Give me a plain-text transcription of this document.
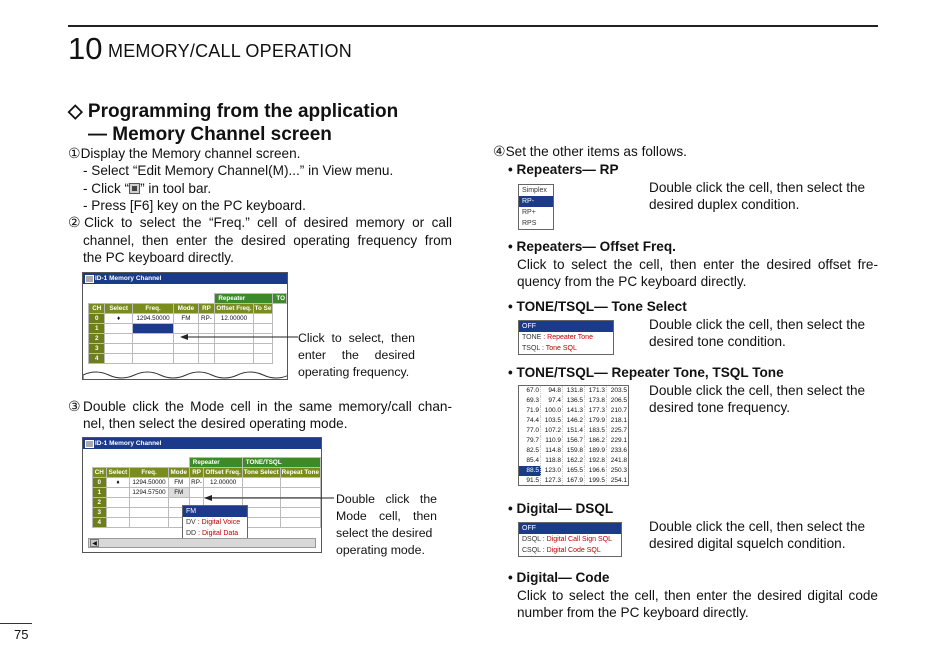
10 MEMORY/CALL OPERATION
◇ Programming from the application
— Memory Channel screen
①Display the Memory channel screen.
- Select “Edit Memory Channel(M)...” in View menu.
- Click “ ” in tool bar.
- Press [F6] key on the PC keyboard.
②Click to select the “Freq.” cell of desired memory or call
channel, then enter the desired operating frequency from
the PC keyboard directly.
ID-1 Memory Channel
					Repeater		TO
CH	Select	Freq.	Mode	RP	Offset Freq.	To Se	
0	♦	1294.50000	FM	RP-	12.00000		
1							
2							
3							
4							
Click to select, then
enter the desired
operating frequency.
③Double click the Mode cell in the same memory/call chan-
nel, then select the desired operating mode.
ID-1 Memory Channel
				Repeater		TONE/TSQL	
CH	Select	Freq.	Mode	RP	Offset Freq.	Tone Select	Repeat Tone
0	♦	1294.50000	FM	RP-	12.00000		
1		1294.57500	FM				
2							
3							
4							
FM
DV : Digital Voice
DD : Digital Data
◀
Double click the
Mode cell, then
select the desired
operating mode.
④Set the other items as follows.
• Repeaters— RP
Simplex
RP-
RP+
RPS
Double click the cell, then select the
desired duplex condition.
• Repeaters— Offset Freq.
Click to select the cell, then enter the desired offset fre-
quency from the PC keyboard directly.
• TONE/TSQL— Tone Select
OFF
TONE : Repeater Tone
TSQL : Tone SQL
Double click the cell, then select the
desired tone condition.
• TONE/TSQL— Repeater Tone, TSQL Tone
67.0	94.8	131.8	171.3	203.5
69.3	97.4	136.5	173.8	206.5
71.9	100.0	141.3	177.3	210.7
74.4	103.5	146.2	179.9	218.1
77.0	107.2	151.4	183.5	225.7
79.7	110.9	156.7	186.2	229.1
82.5	114.8	159.8	189.9	233.6
85.4	118.8	162.2	192.8	241.8
88.5	123.0	165.5	196.6	250.3
91.5	127.3	167.9	199.5	254.1
Double click the cell, then select the
desired tone frequency.
• Digital— DSQL
OFF
DSQL : Digital Call Sign SQL
CSQL : Digital Code SQL
Double click the cell, then select the
desired digital squelch condition.
• Digital— Code
Click to select the cell, then enter the desired digital code
number from the PC keyboard directly.
75
